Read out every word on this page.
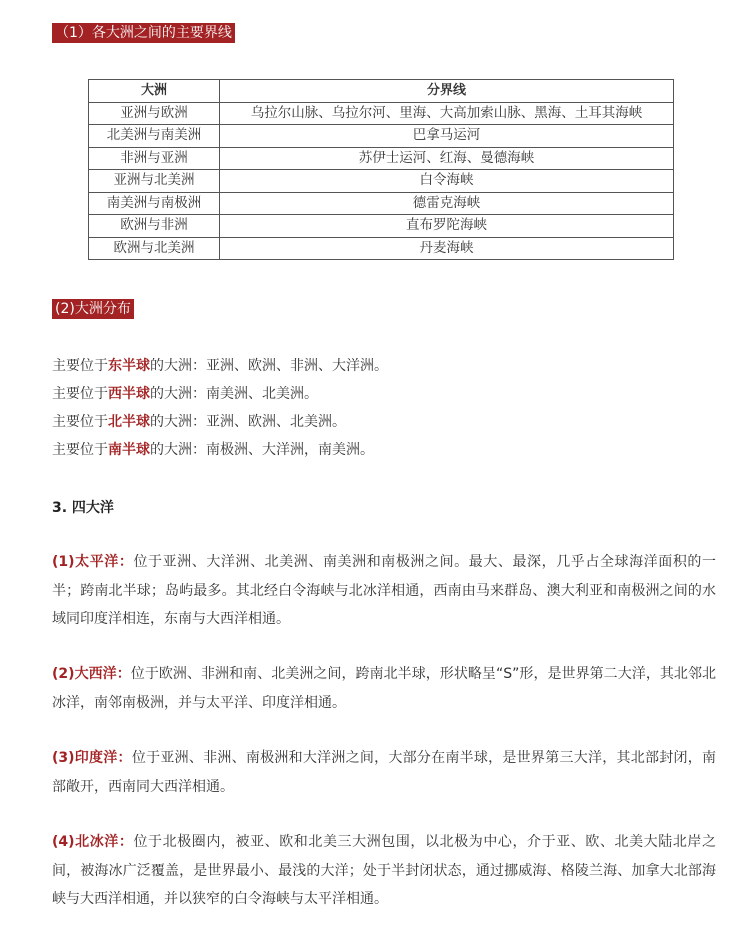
（1）各大洲之间的主要界线
大洲	分界线
亚洲与欧洲	乌拉尔山脉、乌拉尔河、里海、大高加索山脉、黑海、土耳其海峡
北美洲与南美洲	巴拿马运河
非洲与亚洲	苏伊士运河、红海、曼德海峡
亚洲与北美洲	白令海峡
南美洲与南极洲	德雷克海峡
欧洲与非洲	直布罗陀海峡
欧洲与北美洲	丹麦海峡
(2)大洲分布
主要位于东半球的大洲：亚洲、欧洲、非洲、大洋洲。
主要位于西半球的大洲：南美洲、北美洲。
主要位于北半球的大洲：亚洲、欧洲、北美洲。
主要位于南半球的大洲：南极洲、大洋洲，南美洲。
3. 四大洋

(1)太平洋：位于亚洲、大洋洲、北美洲、南美洲和南极洲之间。最大、最深，几乎占全球海洋面积的一半；跨南北半球；岛屿最多。其北经白令海峡与北冰洋相通，西南由马来群岛、澳大利亚和南极洲之间的水域同印度洋相连，东南与大西洋相通。

(2)大西洋：位于欧洲、非洲和南、北美洲之间，跨南北半球，形状略呈“S”形，是世界第二大洋，其北邻北冰洋，南邻南极洲，并与太平洋、印度洋相通。

(3)印度洋：位于亚洲、非洲、南极洲和大洋洲之间，大部分在南半球，是世界第三大洋，其北部封闭，南部敞开，西南同大西洋相通。

(4)北冰洋：位于北极圈内，被亚、欧和北美三大洲包围，以北极为中心，介于亚、欧、北美大陆北岸之间，被海冰广泛覆盖，是世界最小、最浅的大洋；处于半封闭状态，通过挪威海、格陵兰海、加拿大北部海峡与大西洋相通，并以狭窄的白令海峡与太平洋相通。
